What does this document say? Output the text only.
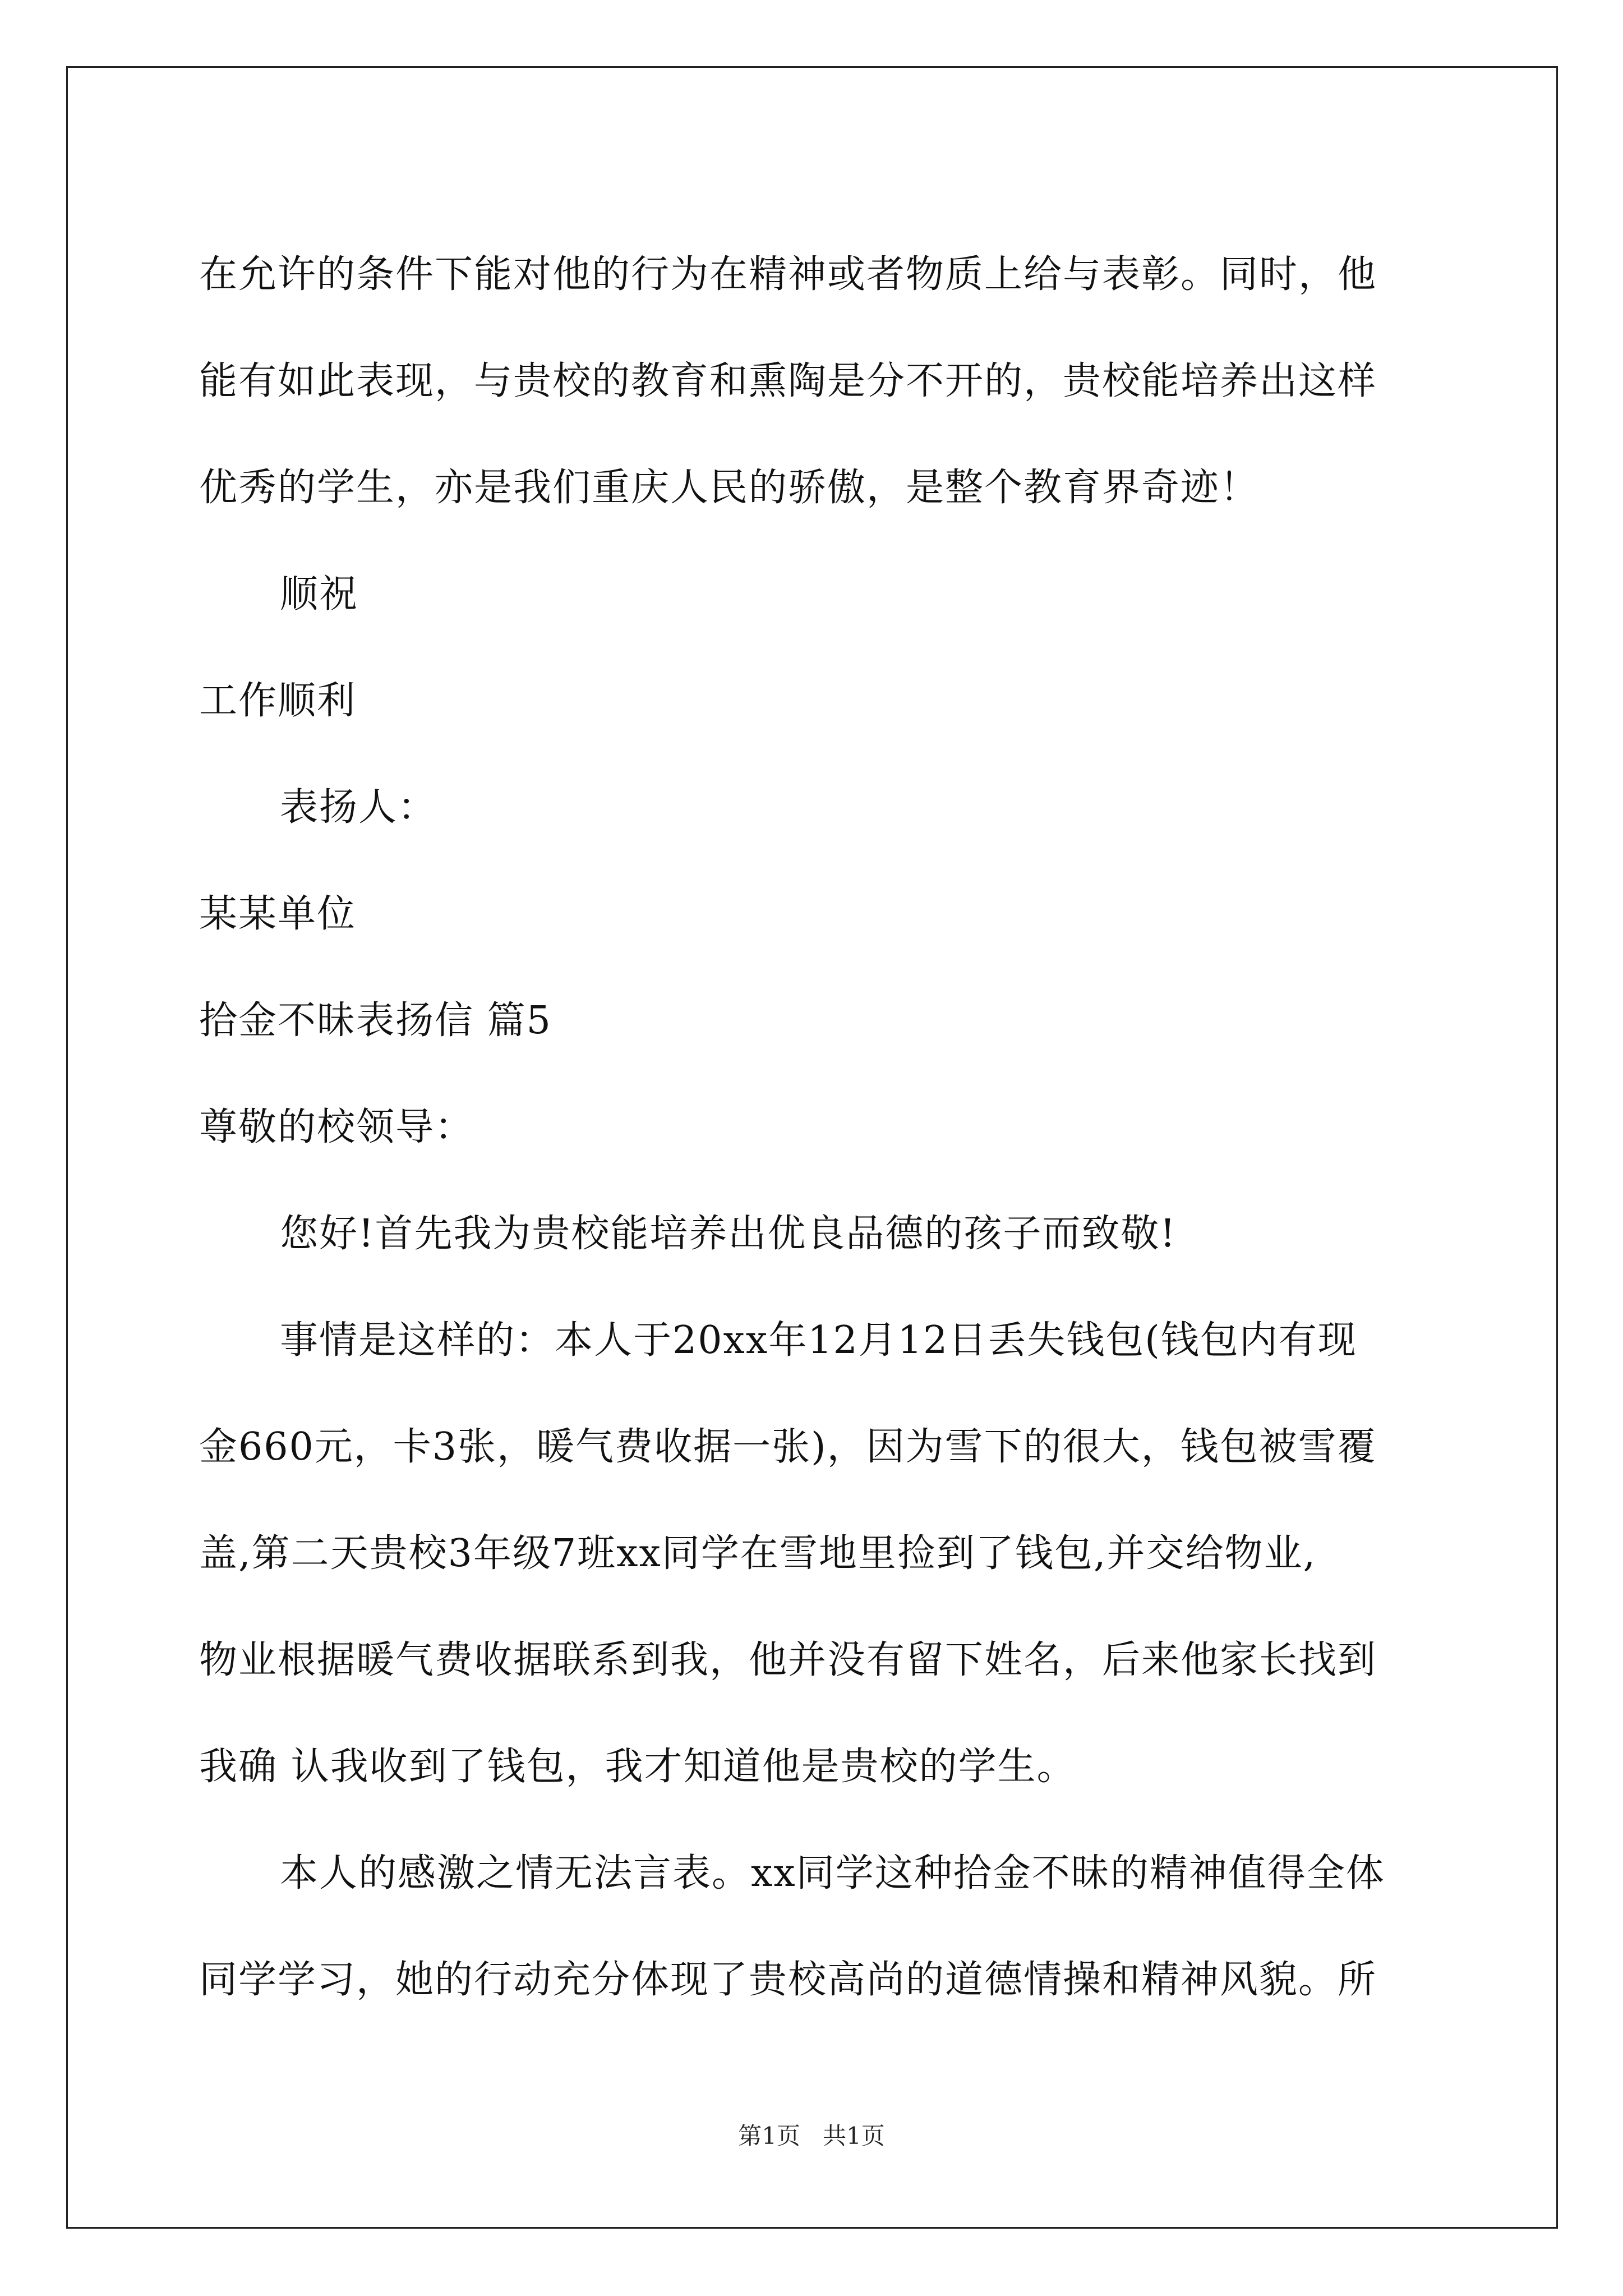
在允许的条件下能对他的行为在精神或者物质上给与表彰。同时，他
能有如此表现，与贵校的教育和熏陶是分不开的，贵校能培养出这样
优秀的学生，亦是我们重庆人民的骄傲，是整个教育界奇迹！
顺祝
工作顺利
表扬人：
某某单位
拾金不昧表扬信 篇5
尊敬的校领导：
您好!首先我为贵校能培养出优良品德的孩子而致敬!
事情是这样的：本人于20xx年12月12日丢失钱包(钱包内有现
金660元，卡3张，暖气费收据一张)，因为雪下的很大，钱包被雪覆
盖,第二天贵校3年级7班xx同学在雪地里捡到了钱包,并交给物业,
物业根据暖气费收据联系到我，他并没有留下姓名，后来他家长找到
我确 认我收到了钱包，我才知道他是贵校的学生。
本人的感激之情无法言表。xx同学这种拾金不昧的精神值得全体
同学学习，她的行动充分体现了贵校高尚的道德情操和精神风貌。所
第1页   共1页
